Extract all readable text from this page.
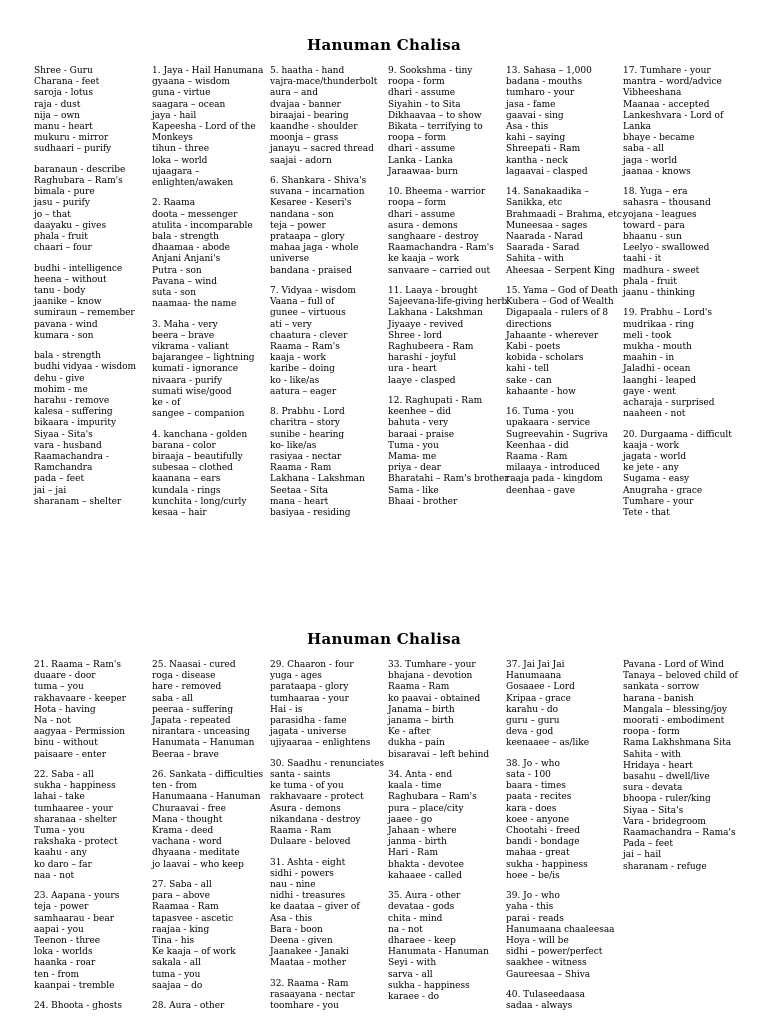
Hanuman Chalisa
Shree - Guru
Charana - feet
saroja - lotus
raja - dust
nija – own
manu - heart
mukuru - mirror
sudhaari – purify
baranaun - describe
Raghubara – Ram's
bimala - pure
jasu – purify
jo – that
daayaku – gives
phala - fruit
chaari – four
budhi - intelligence
heena – without
tanu - body
jaanike – know
sumiraun – remember
pavana - wind
kumara - son
bala - strength
budhi vidyaa - wisdom
dehu - give
mohim - me
harahu - remove
kalesa - suffering
bikaara - impurity
Siyaa - Sita's
vara - husband
Raamachandra -
Ramchandra
pada – feet
jai – jai
sharanam – shelter
1. Jaya - Hail Hanumana
gyaana – wisdom
guna - virtue
saagara – ocean
jaya - hail
Kapeesha - Lord of the
Monkeys
tihun - three
loka – world
ujaagara –
enlighten/awaken
2. Raama
doota – messenger
atulita - incomparable
bala - strength
dhaamaa - abode
Anjani Anjani's
Putra - son
Pavana – wind
suta - son
naamaa- the name
3. Maha - very
beera – brave
vikrama - valiant
bajarangee – lightning
kumati - ignorance
nivaara - purify
sumati wise/good
ke - of
sangee – companion
4. kanchana - golden
barana - color
biraaja – beautifully
subesaa – clothed
kaanana – ears
kundala - rings
kunchita - long/curly
kesaa – hair
5. haatha - hand
vajra-mace/thunderbolt
aura – and
dvajaa - banner
biraajai - bearing
kaandhe - shoulder
moonja – grass
janayu – sacred thread
saajai - adorn
6. Shankara - Shiva's
suvana – incarnation
Kesaree - Keseri's
nandana - son
teja – power
prataapa – glory
mahaa jaga - whole
universe
bandana - praised
7. Vidyaa - wisdom
Vaana – full of
gunee – virtuous
ati – very
chaatura - clever
Raama – Ram's
kaaja - work
karibe – doing
ko - like/as
aatura – eager
8. Prabhu - Lord
charitra – story
sunibe - hearing
ko- like/as
rasiyaa - nectar
Raama - Ram
Lakhana - Lakshman
Seetaa - Sita
mana - heart
basiyaa - residing
9. Sookshma - tiny
roopa - form
dhari - assume
Siyahin - to Sita
Dikhaavaa – to show
Bikata – terrifying to
roopa – form
dhari - assume
Lanka - Lanka
Jaraawaa- burn
10. Bheema - warrior
roopa – form
dhari - assume
asura - demons
sanghaare - destroy
Raamachandra - Ram's
ke kaaja – work
sanvaare – carried out
11. Laaya - brought
Sajeevana-life-giving herb
Lakhana - Lakshman
Jiyaaye - revived
Shree - lord
Raghubeera - Ram
harashi - joyful
ura - heart
laaye - clasped
12. Raghupati - Ram
keenhee – did
bahuta - very
baraai - praise
Tuma - you
Mama- me
priya - dear
Bharatahi – Ram's brother
Sama - like
Bhaai - brother
13. Sahasa – 1,000
badana - mouths
tumharo - your
jasa - fame
gaavai - sing
Asa - this
kahi – saying
Shreepati - Ram
kantha - neck
lagaavai - clasped
14. Sanakaadika –
Sanikka, etc
Brahmaadi – Brahma, etc.
Muneesaa - sages
Naarada - Narad
Saarada - Sarad
Sahita - with
Aheesaa – Serpent King
15. Yama – God of Death
Kubera – God of Wealth
Digapaala - rulers of 8
directions
Jahaante - wherever
Kabi - poets
kobida - scholars
kahi - tell
sake - can
kahaante - how
16. Tuma - you
upakaara - service
Sugreevahin - Sugriva
Keenhaa - did
Raama - Ram
milaaya - introduced
raaja pada - kingdom
deenhaa - gave
17. Tumhare - your
mantra – word/advice
Vibheeshana
Maanaa - accepted
Lankeshvara - Lord of
Lanka
bhaye - became
saba - all
jaga - world
jaanaa - knows
18. Yuga – era
sahasra – thousand
yojana - leagues
toward - para
bhaanu - sun
Leelyo - swallowed
taahi - it
madhura - sweet
phala - fruit
jaanu - thinking
19. Prabhu – Lord's
mudrikaa - ring
meli - took
mukha - mouth
maahin - in
Jaladhi - ocean
laanghi - leaped
gaye - went
acharaja - surprised
naaheen - not
20. Durgaama - difficult
kaaja - work
jagata - world
ke jete - any
Sugama - easy
Anugraha - grace
Tumhare - your
Tete - that
Hanuman Chalisa
21. Raama – Ram's
duaare - door
tuma – you
rakhavaare - keeper
Hota - having
Na - not
aagyaa - Permission
binu - without
paisaare - enter
22. Saba - all
sukha - happiness
lahai - take
tumhaaree - your
sharanaa - shelter
Tuma - you
rakshaka - protect
kaahu - any
ko daro – far
naa - not
23. Aapana - yours
teja - power
samhaarau - bear
aapai - you
Teenon - three
loka - worlds
haanka - roar
ten - from
kaanpai - tremble
24. Bhoota - ghosts
25. Naasai - cured
roga - disease
hare - removed
saba - all
peeraa - suffering
Japata - repeated
nirantara - unceasing
Hanumata – Hanuman
Beeraa - brave
26. Sankata - difficulties
ten - from
Hanumaana - Hanuman
Churaavai - free
Mana - thought
Krama - deed
vachana - word
dhyaana - meditate
jo laavai – who keep
27. Saba - all
para – above
Raamaa - Ram
tapasvee - ascetic
raajaa - king
Tina - his
Ke kaaja – of work
sakala - all
tuma - you
saajaa – do
28. Aura - other
29. Chaaron - four
yuga - ages
parataapa - glory
tumhaaraa - your
Hai - is
parasidha - fame
jagata - universe
ujiyaaraa – enlightens
30. Saadhu - renunciates
santa - saints
ke tuma - of you
rakhavaare - protect
Asura - demons
nikandana - destroy
Raama - Ram
Dulaare - beloved
31. Ashta - eight
sidhi - powers
nau - nine
nidhi - treasures
ke daataa – giver of
Asa - this
Bara - boon
Deena - given
Jaanakee - Janaki
Maataa - mother
32. Raama - Ram
rasaayana - nectar
toomhare - you
33. Tumhare - your
bhajana - devotion
Raama - Ram
ko paavai - obtained
Janama – birth
janama – birth
Ke - after
dukha - pain
bisaravai – left behind
34. Anta - end
kaala - time
Raghubara – Ram's
pura – place/city
jaaee - go
Jahaan - where
janma - birth
Hari - Ram
bhakta - devotee
kahaaee - called
35. Aura - other
devataa - gods
chita - mind
na - not
dharaee - keep
Hanumata - Hanuman
Seyi - with
sarva - all
sukha - happiness
karaee - do
37. Jai Jai Jai
Hanumaana
Gosaaee - Lord
Kripaa - grace
karahu - do
guru – guru
deva - god
keenaaee – as/like
38. Jo - who
sata - 100
baara - times
paata - recites
kara - does
koee - anyone
Chootahi - freed
bandi - bondage
mahaa - great
sukha - happiness
hoee – be/is
39. Jo - who
yaha - this
parai - reads
Hanumaana chaaleesaa
Hoya - will be
sidhi – power/perfect
saakhee - witness
Gaureesaa – Shiva
40. Tulaseedaasa
sadaa - always
Pavana - Lord of Wind
Tanaya – beloved child of
sankata - sorrow
harana - banish
Mangala – blessing/joy
moorati - embodiment
roopa - form
Rama Lakhshmana Sita
Sahita - with
Hridaya - heart
basahu – dwell/live
sura - devata
bhoopa - ruler/king
Siyaa – Sita's
Vara - bridegroom
Raamachandra – Rama's
Pada – feet
jai – hail
sharanam - refuge
